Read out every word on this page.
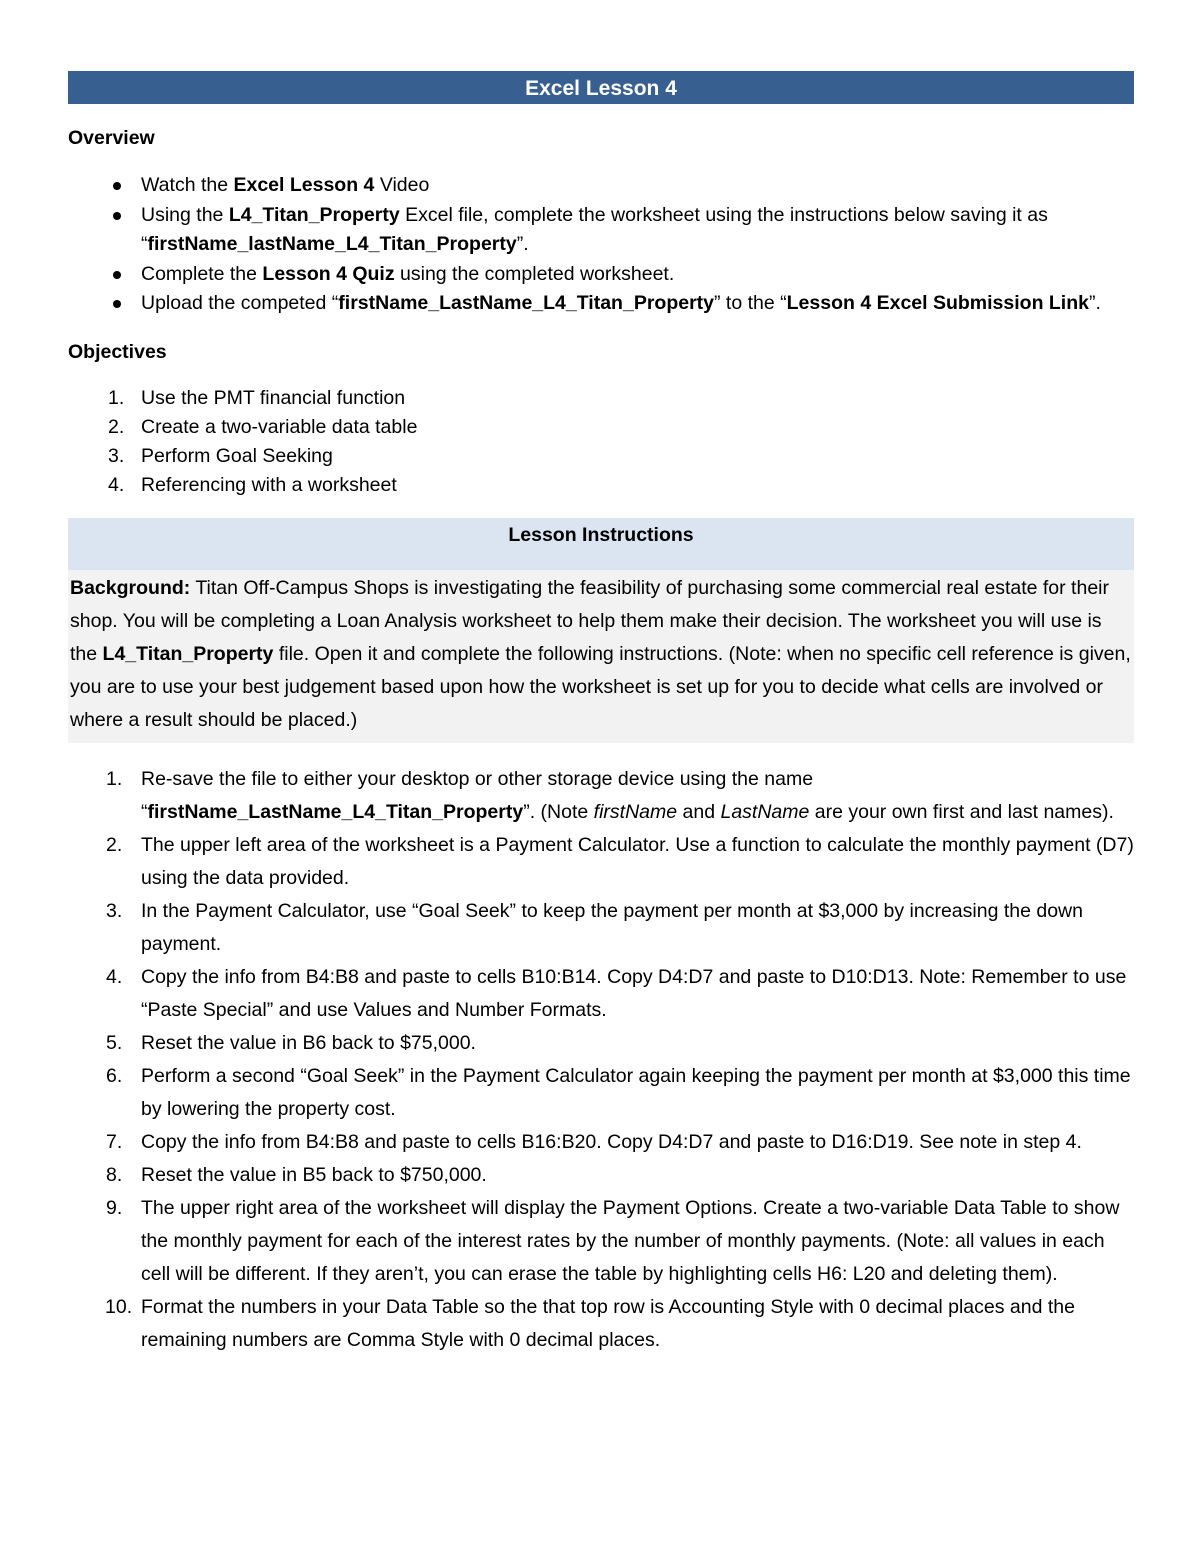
Excel Lesson 4
Overview
Watch the Excel Lesson 4 Video
Using the L4_Titan_Property Excel file, complete the worksheet using the instructions below saving it as “firstName_lastName_L4_Titan_Property”.
Complete the Lesson 4 Quiz using the completed worksheet.
Upload the competed “firstName_LastName_L4_Titan_Property” to the “Lesson 4 Excel Submission Link”.
Objectives
1. Use the PMT financial function
2. Create a two-variable data table
3. Perform Goal Seeking
4. Referencing with a worksheet
Lesson Instructions
Background: Titan Off-Campus Shops is investigating the feasibility of purchasing some commercial real estate for their shop. You will be completing a Loan Analysis worksheet to help them make their decision. The worksheet you will use is the L4_Titan_Property file. Open it and complete the following instructions. (Note: when no specific cell reference is given, you are to use your best judgement based upon how the worksheet is set up for you to decide what cells are involved or where a result should be placed.)
1. Re-save the file to either your desktop or other storage device using the name “firstName_LastName_L4_Titan_Property”. (Note firstName and LastName are your own first and last names).
2. The upper left area of the worksheet is a Payment Calculator. Use a function to calculate the monthly payment (D7) using the data provided.
3. In the Payment Calculator, use “Goal Seek” to keep the payment per month at $3,000 by increasing the down payment.
4. Copy the info from B4:B8 and paste to cells B10:B14. Copy D4:D7 and paste to D10:D13. Note: Remember to use “Paste Special” and use Values and Number Formats.
5. Reset the value in B6 back to $75,000.
6. Perform a second “Goal Seek” in the Payment Calculator again keeping the payment per month at $3,000 this time by lowering the property cost.
7. Copy the info from B4:B8 and paste to cells B16:B20. Copy D4:D7 and paste to D16:D19. See note in step 4.
8. Reset the value in B5 back to $750,000.
9. The upper right area of the worksheet will display the Payment Options. Create a two-variable Data Table to show the monthly payment for each of the interest rates by the number of monthly payments. (Note: all values in each cell will be different. If they aren’t, you can erase the table by highlighting cells H6: L20 and deleting them).
10. Format the numbers in your Data Table so the that top row is Accounting Style with 0 decimal places and the remaining numbers are Comma Style with 0 decimal places.
